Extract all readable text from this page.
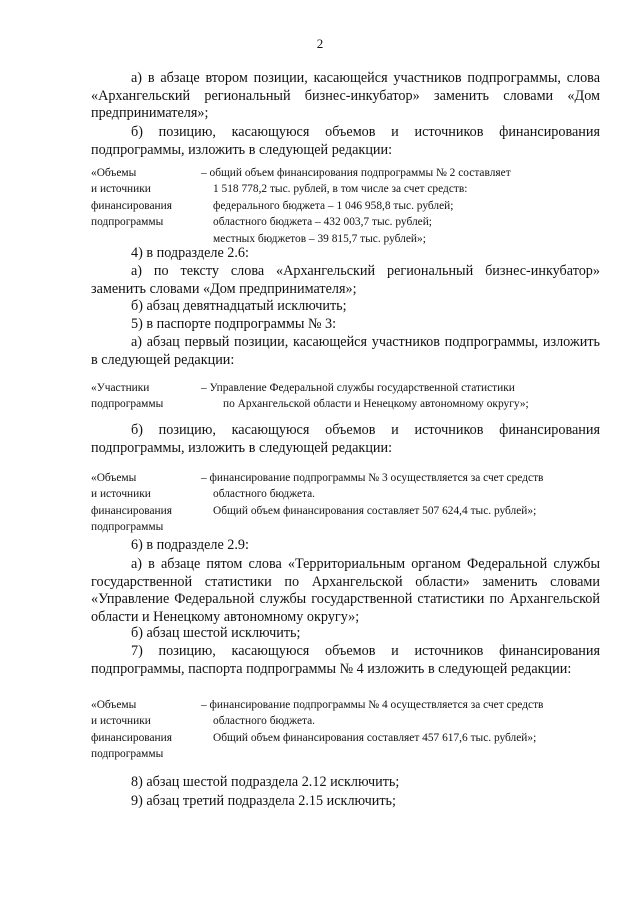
2

а) в абзаце втором позиции, касающейся участников подпрограммы, слова «Архангельский региональный бизнес-инкубатор» заменить словами «Дом предпринимателя»;

б) позицию, касающуюся объемов и источников финансирования подпрограммы, изложить в следующей редакции:

«Объемы
и источники
финансирования
подпрограммы
– общий объем финансирования подпрограммы № 2 составляет
1 518 778,2 тыс. рублей, в том числе за счет средств:
федерального бюджета – 1 046 958,8 тыс. рублей;
областного бюджета – 432 003,7 тыс. рублей;
местных бюджетов – 39 815,7 тыс. рублей»;

4) в подразделе 2.6:

а) по тексту слова «Архангельский региональный бизнес-инкубатор» заменить словами «Дом предпринимателя»;

б) абзац девятнадцатый исключить;

5) в паспорте подпрограммы № 3:

а) абзац первый позиции, касающейся участников подпрограммы, изложить в следующей редакции:

«Участники
подпрограммы
– Управление Федеральной службы государственной статистики
по Архангельской области и Ненецкому автономному округу»;

б) позицию, касающуюся объемов и источников финансирования подпрограммы, изложить в следующей редакции:

«Объемы
и источники
финансирования
подпрограммы
– финансирование подпрограммы № 3 осуществляется за счет средств
областного бюджета.
Общий объем финансирования составляет 507 624,4 тыс. рублей»;

6) в подразделе 2.9:

а) в абзаце пятом слова «Территориальным органом Федеральной службы государственной статистики по Архангельской области» заменить словами «Управление Федеральной службы государственной статистики по Архангельской области и Ненецкому автономному округу»;

б) абзац шестой исключить;

7) позицию, касающуюся объемов и источников финансирования подпрограммы, паспорта подпрограммы № 4 изложить в следующей редакции:

«Объемы
и источники
финансирования
подпрограммы
– финансирование подпрограммы № 4 осуществляется за счет средств
областного бюджета.
Общий объем финансирования составляет 457 617,6 тыс. рублей»;

8) абзац шестой подраздела 2.12 исключить;

9) абзац третий подраздела 2.15 исключить;
